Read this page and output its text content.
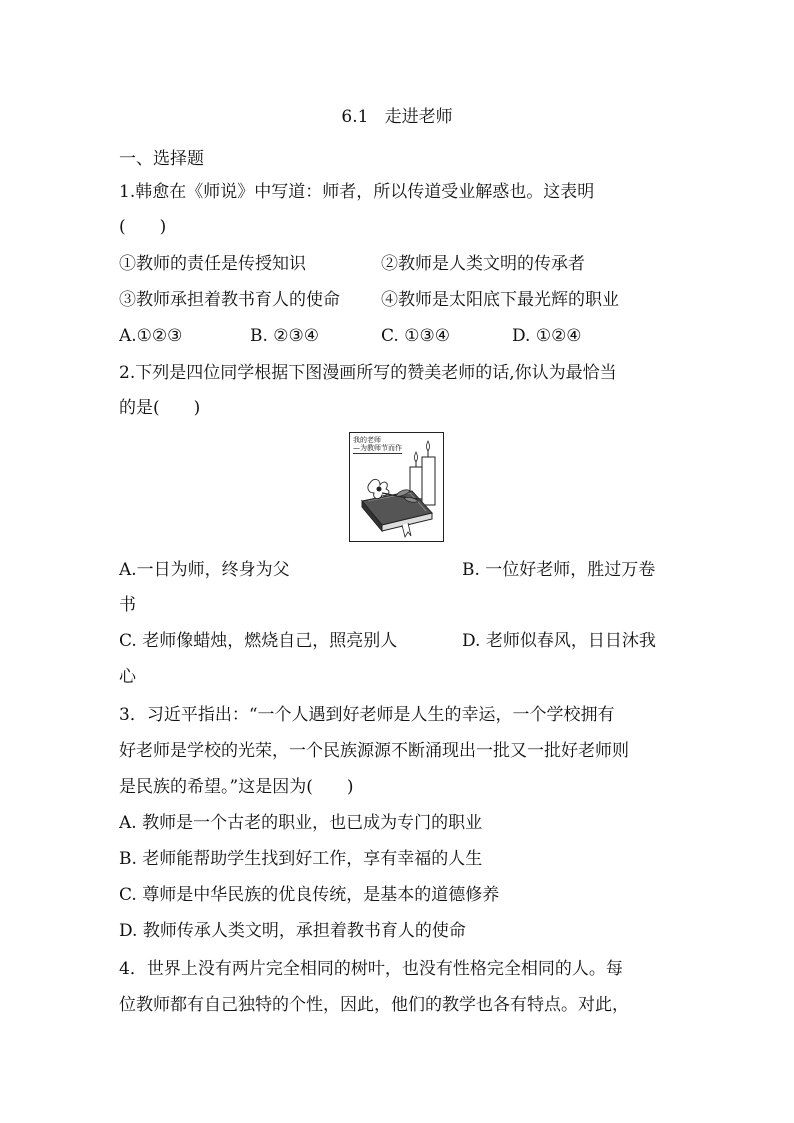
6.1   走进老师
一、选择题
1.韩愈在《师说》中写道：师者，所以传道受业解惑也。这表明
(　　)
①教师的责任是传授知识	②教师是人类文明的传承者
③教师承担着教书育人的使命 ④教师是太阳底下最光辉的职业
A.①②③	B. ②③④	C. ①③④	D. ①②④
2.下列是四位同学根据下图漫画所写的赞美老师的话,你认为最恰当
的是(　　)
我的老师
—为教师节而作
A.一日为师，终身为父	B. 一位好老师，胜过万卷
书
C. 老师像蜡烛，燃烧自己，照亮别人	D. 老师似春风，日日沐我
心
3．习近平指出：“一个人遇到好老师是人生的幸运，一个学校拥有
好老师是学校的光荣，一个民族源源不断涌现出一批又一批好老师则
是民族的希望。”这是因为(　　)
A. 教师是一个古老的职业，也已成为专门的职业
B. 老师能帮助学生找到好工作，享有幸福的人生
C. 尊师是中华民族的优良传统，是基本的道德修养
D. 教师传承人类文明，承担着教书育人的使命
4．世界上没有两片完全相同的树叶，也没有性格完全相同的人。每
位教师都有自己独特的个性，因此，他们的教学也各有特点。对此，
